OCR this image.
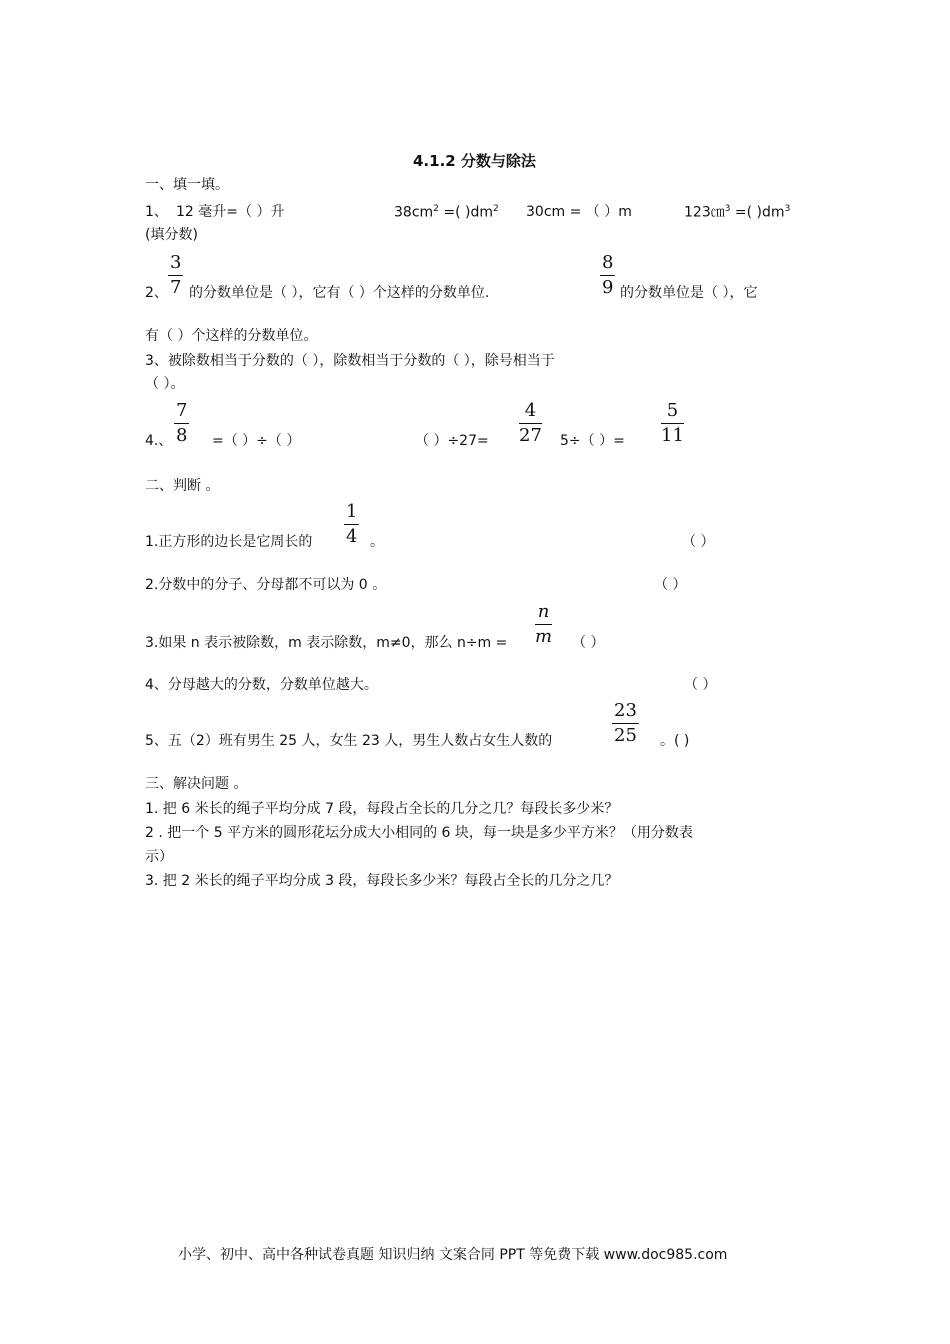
4.1.2 分数与除法
一、填一填。
1、 12 毫升=（ ）升	$38cm^2$ =( )$dm^2$ 30cm = （ ）m	123㎝$^3$ =( )$dm^3$
(填分数)
2、
3
7 的分数单位是（ ），它有（ ）个这样的分数单位.
8
9 的分数单位是（ ），它
有（ ）个这样的分数单位。
3、被除数相当于分数的（ ），除数相当于分数的（ ），除号相当于
（ ）。
4.、
7
8 =（ ）÷（ ）	（ ）÷27=
4
27 5÷（ ）=
5
11
二、判断 。
1.正方形的边长是它周长的
1
4 。	（ ）
2.分数中的分子、分母都不可以为 0 。	（ ）
3.如果 n 表示被除数，m 表示除数，m≠0，那么 n÷m =
n
m （ ）
4、分母越大的分数，分数单位越大。	（ ）
5、五（2）班有男生 25 人，女生 23 人，男生人数占女生人数的
23
25 。( )
三、解决问题 。
1. 把 6 米长的绳子平均分成 7 段，每段占全长的几分之几？每段长多少米？
2 . 把一个 5 平方米的圆形花坛分成大小相同的 6 块，每一块是多少平方米？（用分数表
示）
3. 把 2 米长的绳子平均分成 3 段，每段长多少米？每段占全长的几分之几？
小学、初中、高中各种试卷真题 知识归纳 文案合同 PPT 等免费下载 www.doc985.com
